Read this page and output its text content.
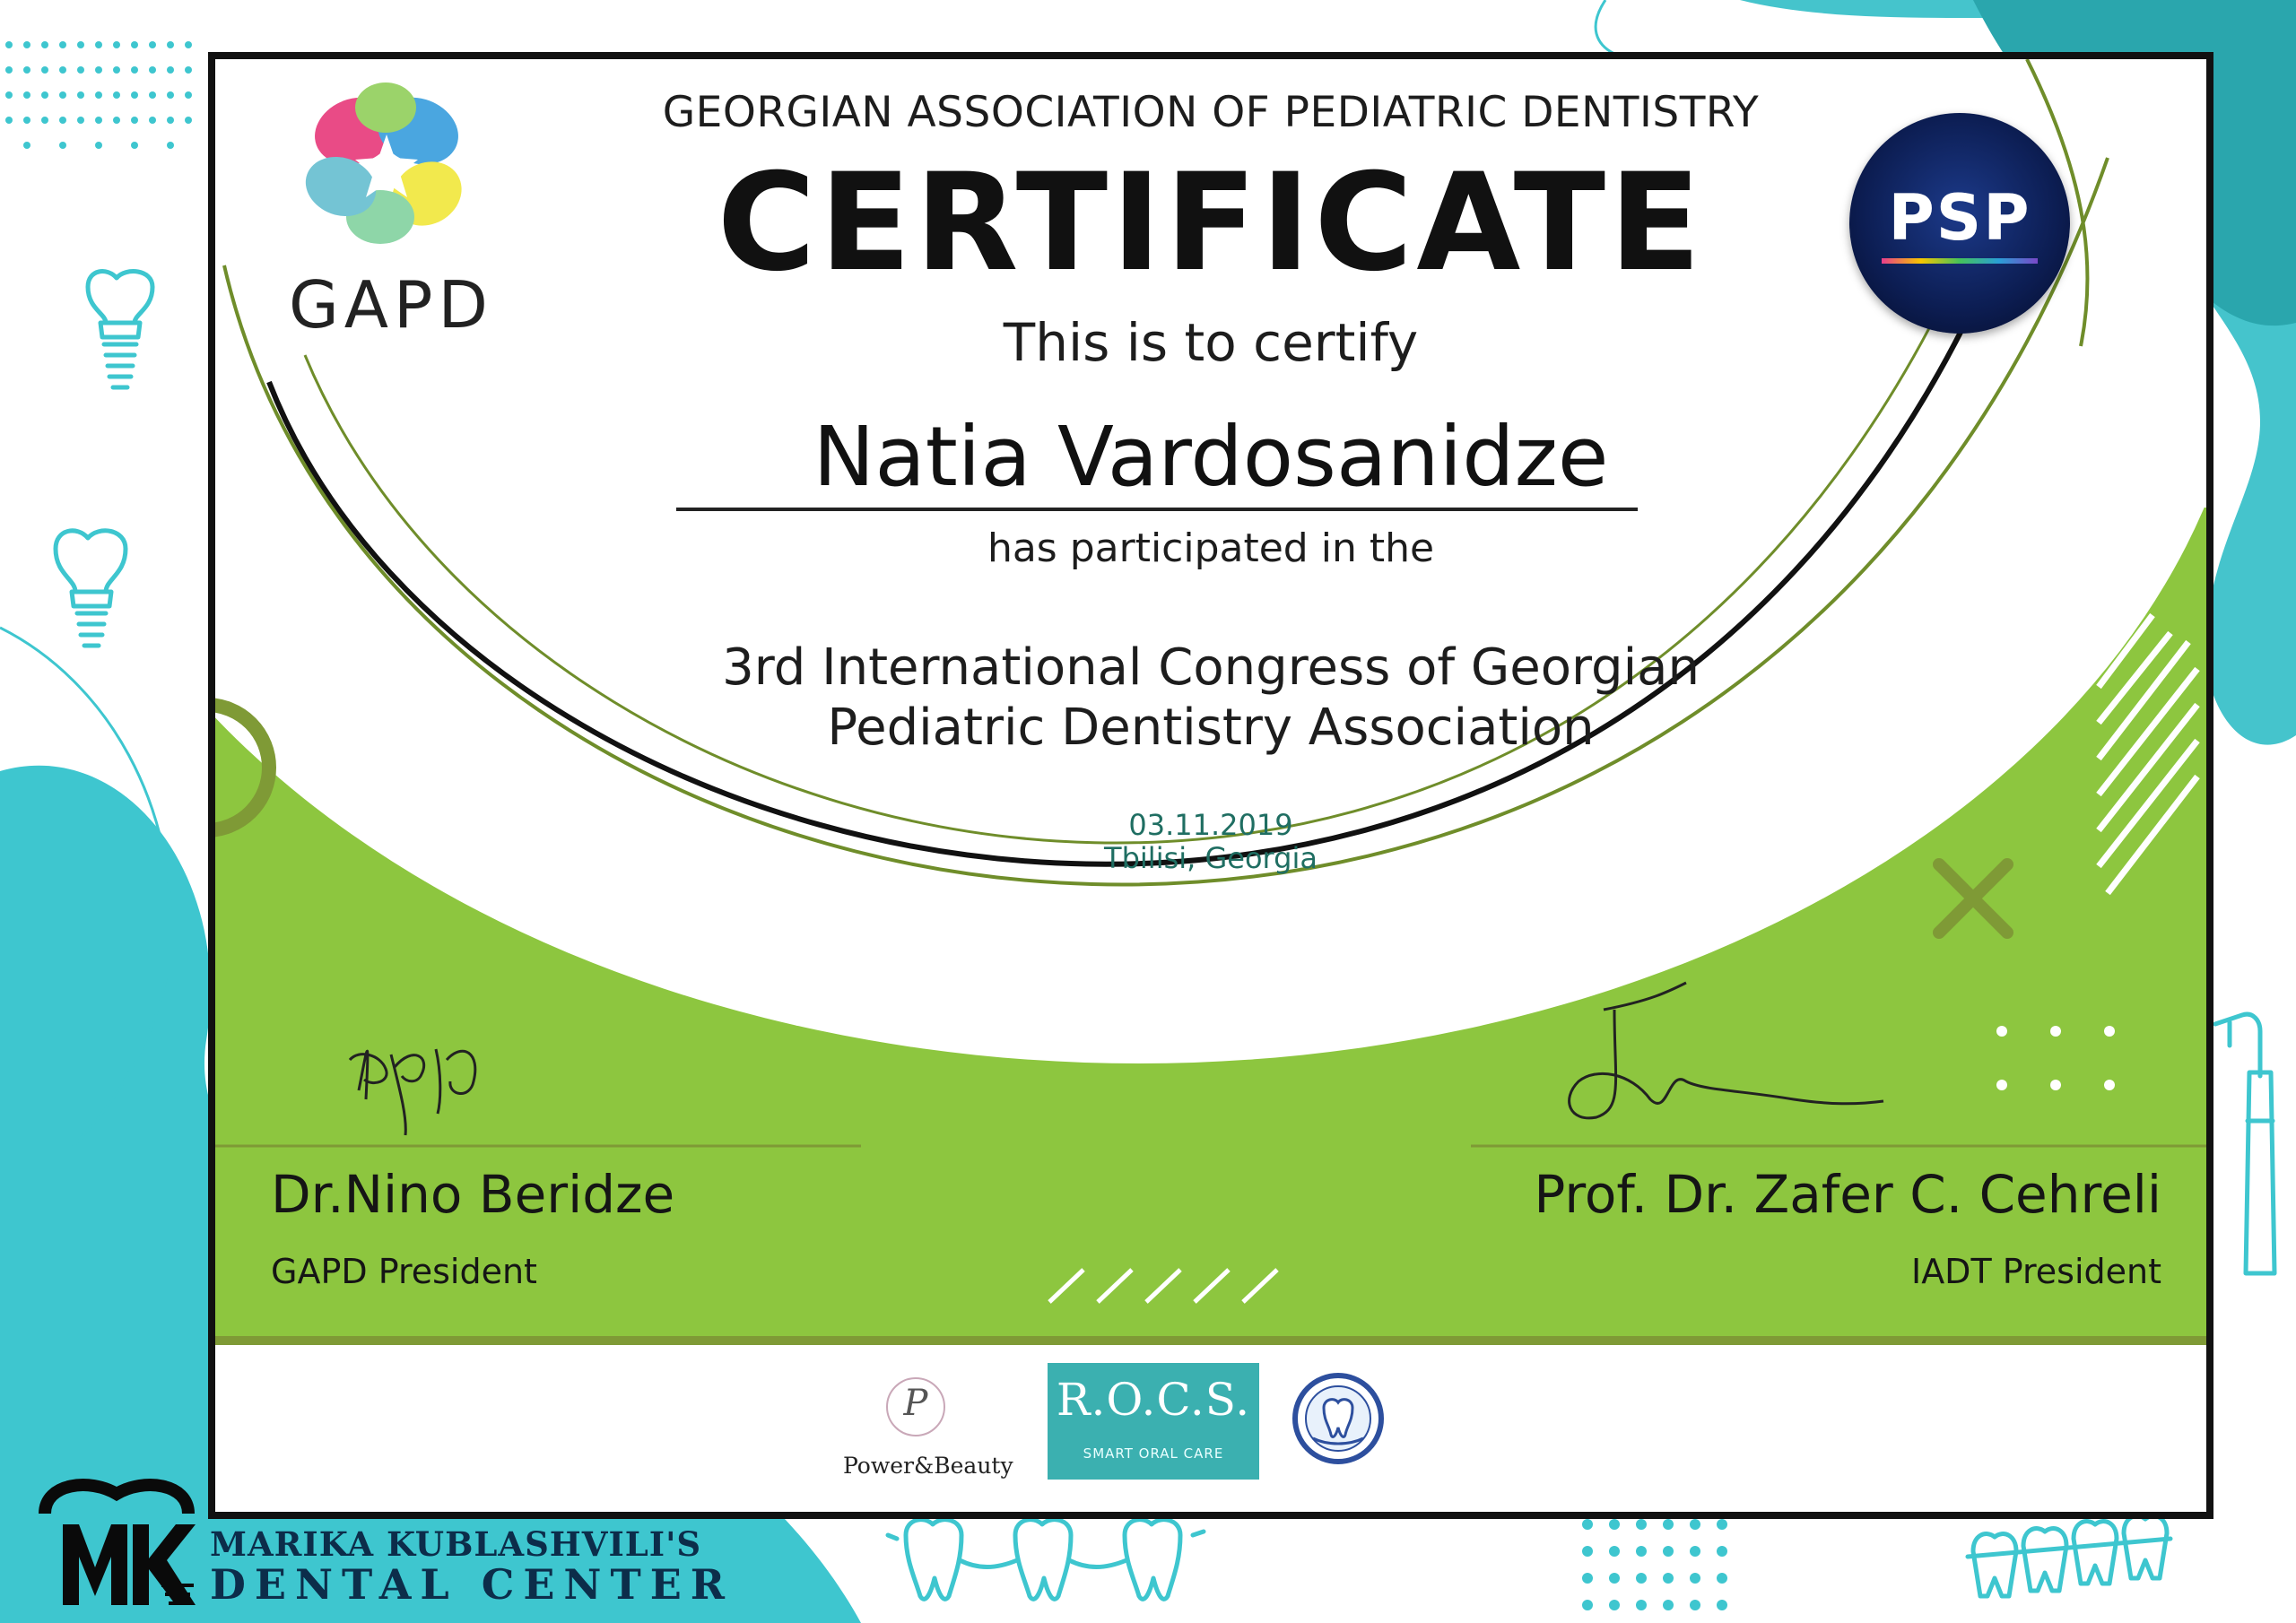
MARIKA KUBLASHVILI'S
DENTAL CENTER
GAPD
PSP
GEORGIAN ASSOCIATION OF PEDIATRIC DENTISTRY
CERTIFICATE
This is to certify
Natia Vardosanidze
has participated in the
3rd International Congress of Georgian
Pediatric Dentistry Association
03.11.2019
Tbilisi, Georgia
Dr.Nino Beridze
GAPD President
Prof. Dr. Zafer C. Cehreli
IADT President
P
Power&Beauty
R.O.C.S.
SMART ORAL CARE
